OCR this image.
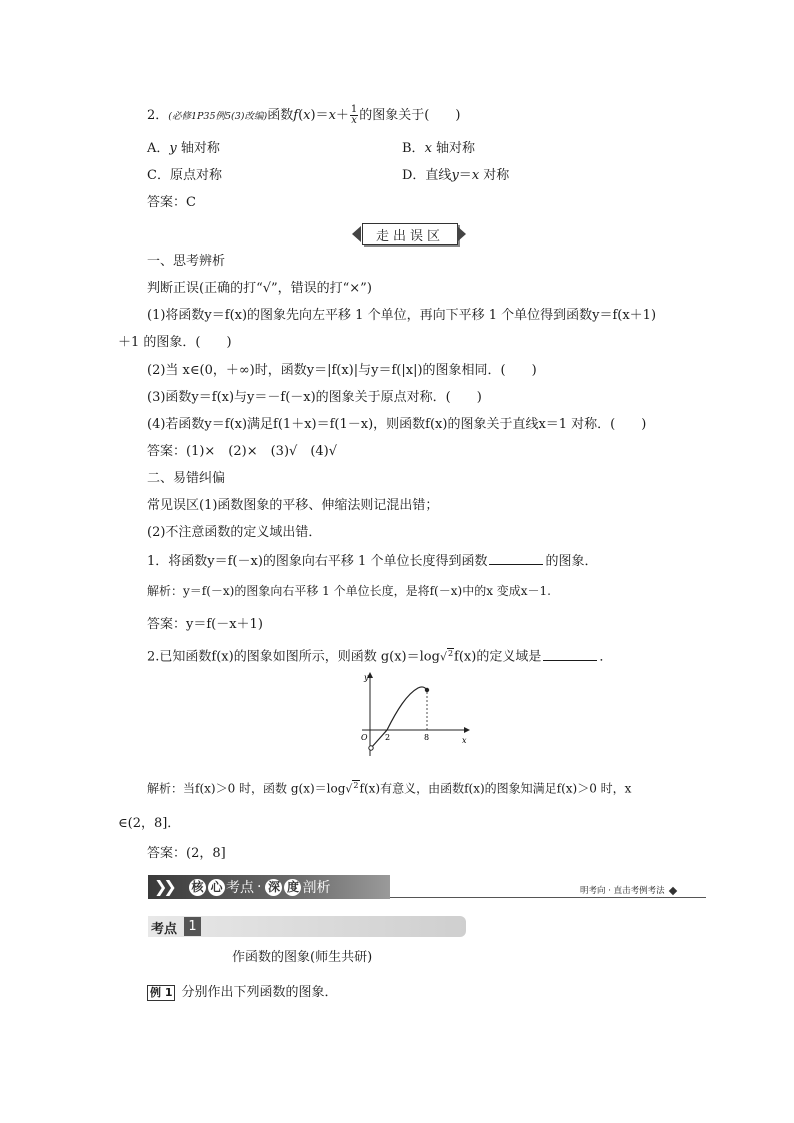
2．(必修1P35例5(3)改编)函数$f(x)=x+ \frac{1}{x}$ 的图象关于(　　)
A．y 轴对称	B．x 轴对称
C．原点对称	D．直线y＝x 对称
答案：C
走出误区
一、思考辨析
判断正误(正确的打“√”，错误的打“×”)
(1)将函数y＝f(x)的图象先向左平移 1 个单位，再向下平移 1 个单位得到函数y＝f(x＋1)
＋1 的图象．(　　)
(2)当 x∈(0，＋∞)时，函数y＝|f(x)|与y＝f(|x|)的图象相同．(　　)
(3)函数y＝f(x)与y＝－f(－x)的图象关于原点对称．(　　)
(4)若函数y＝f(x)满足f(1＋x)＝f(1－x)，则函数f(x)的图象关于直线x＝1 对称．(　　)
答案：(1)×　(2)×　(3)√　(4)√
二、易错纠偏
常见误区(1)函数图象的平移、伸缩法则记混出错；
(2)不注意函数的定义域出错．
1．将函数y＝f(－x)的图象向右平移 1 个单位长度得到函数	的图象．
解析：y＝f(－x)的图象向右平移 1 个单位长度，是将f(－x)中的x 变成x－1.
答案：y＝f(－x＋1)
2.已知函数f(x)的图象如图所示，则函数 g(x)＝log√$^2$f(x)的定义域是	．
y
x
O 2	8
解析：当f(x)＞0 时，函数 g(x)＝log√$^2$f(x)有意义，由函数f(x)的图象知满足f(x)＞0 时，x
∈(2，8]．
答案：(2，8]
❯❯	核 心 考点 · 深 度 剖析	明考向 · 直击考例考法
考点 1
作函数的图象(师生共研)
例 1 分别作出下列函数的图象．
